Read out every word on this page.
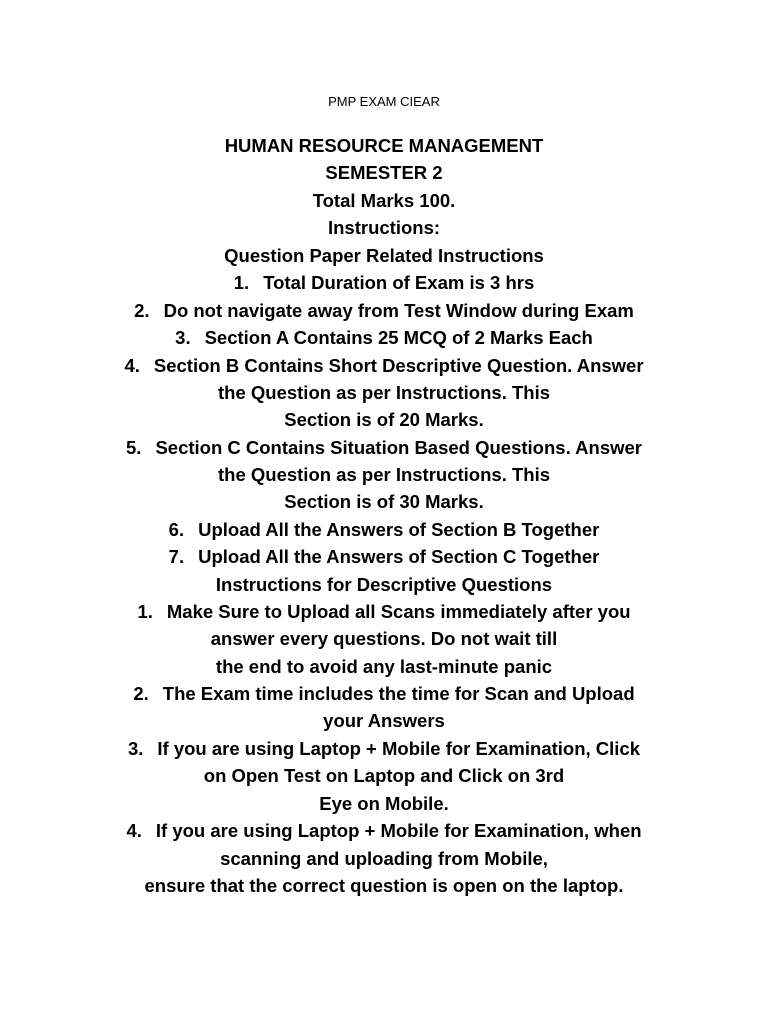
PMP EXAM CIEAR
HUMAN RESOURCE MANAGEMENT
SEMESTER 2
Total Marks 100.
Instructions:
Question Paper Related Instructions
1. Total Duration of Exam is 3 hrs
2. Do not navigate away from Test Window during Exam
3. Section A Contains 25 MCQ of 2 Marks Each
4. Section B Contains Short Descriptive Question. Answer
the Question as per Instructions. This
Section is of 20 Marks.
5. Section C Contains Situation Based Questions. Answer
the Question as per Instructions. This
Section is of 30 Marks.
6. Upload All the Answers of Section B Together
7. Upload All the Answers of Section C Together
Instructions for Descriptive Questions
1. Make Sure to Upload all Scans immediately after you
answer every questions. Do not wait till
the end to avoid any last-minute panic
2. The Exam time includes the time for Scan and Upload
your Answers
3. If you are using Laptop + Mobile for Examination, Click
on Open Test on Laptop and Click on 3rd
Eye on Mobile.
4. If you are using Laptop + Mobile for Examination, when
scanning and uploading from Mobile,
ensure that the correct question is open on the laptop.
